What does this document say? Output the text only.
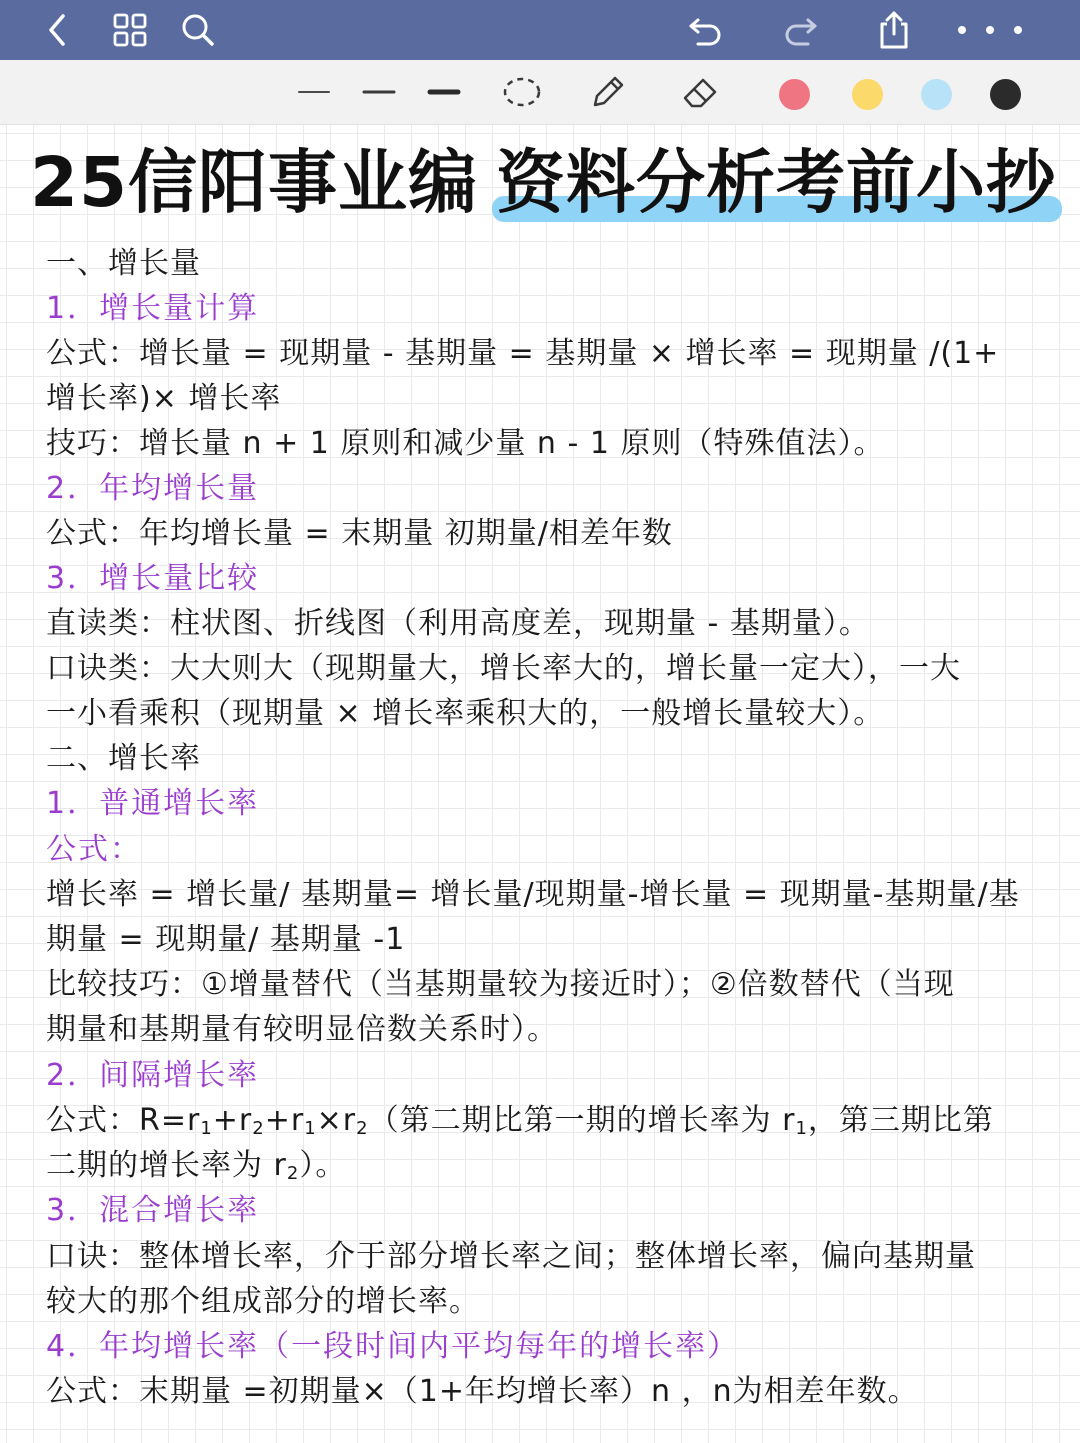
25信阳事业编 资料分析考前小抄
一、增长量
1．增长量计算
公式：增长量 = 现期量 - 基期量 = 基期量 × 增长率 = 现期量 /(1+
增长率)× 增长率
技巧：增长量 n + 1 原则和减少量 n - 1 原则（特殊值法）。
2．年均增长量
公式：年均增长量 = 末期量 初期量/相差年数
3．增长量比较
直读类：柱状图、折线图（利用高度差，现期量 - 基期量）。
口诀类：大大则大（现期量大，增长率大的，增长量一定大），一大
一小看乘积（现期量 × 增长率乘积大的，一般增长量较大）。
二、增长率
1．普通增长率
公式：
增长率 = 增长量/ 基期量= 增长量/现期量-增长量 = 现期量-基期量/基
期量 = 现期量/ 基期量 -1
比较技巧：①增量替代（当基期量较为接近时）；②倍数替代（当现
期量和基期量有较明显倍数关系时）。
2．间隔增长率
公式：$R=r_1+r_2+r_1\times r_2$（第二期比第一期的增长率为 $r_1$，第三期比第
二期的增长率为 $r_2$）。
3．混合增长率
口诀：整体增长率，介于部分增长率之间；整体增长率，偏向基期量
较大的那个组成部分的增长率。
4．年均增长率（一段时间内平均每年的增长率）
公式：末期量 =初期量×（1+年均增长率）n ，n为相差年数。
